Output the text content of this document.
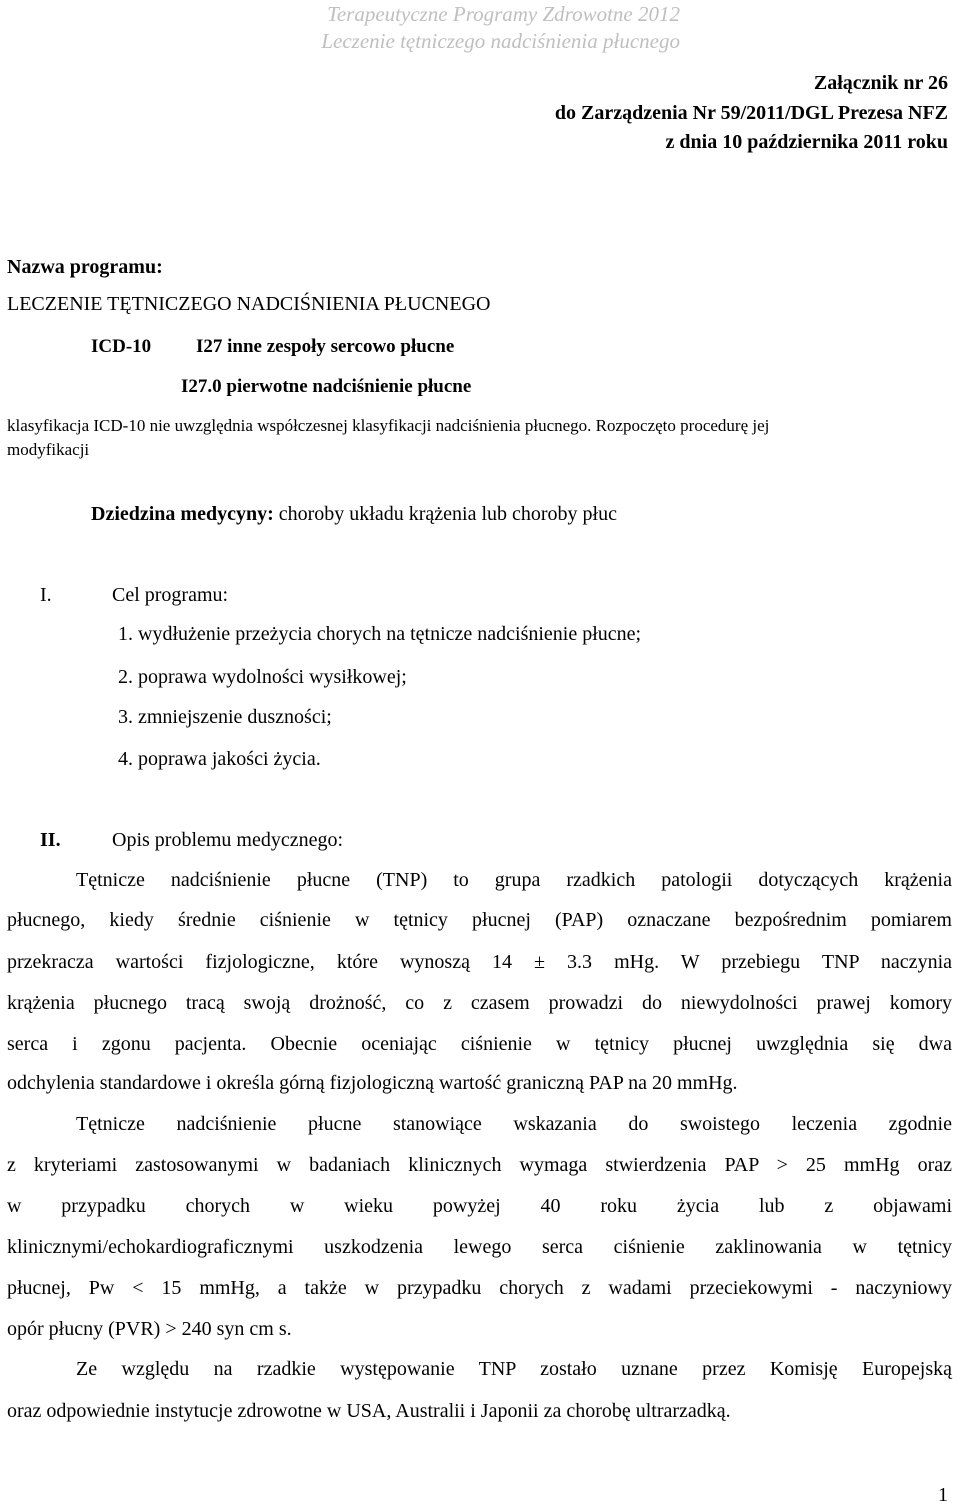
Terapeutyczne Programy Zdrowotne 2012
Leczenie tętniczego nadciśnienia płucnego
Załącznik nr 26
do Zarządzenia Nr 59/2011/DGL Prezesa NFZ
z dnia 10 października 2011 roku
Nazwa programu:
LECZENIE TĘTNICZEGO NADCIŚNIENIA PŁUCNEGO
ICD-10 I27 inne zespoły sercowo płucne
I27.0 pierwotne nadciśnienie płucne
klasyfikacja ICD-10 nie uwzględnia współczesnej klasyfikacji nadciśnienia płucnego. Rozpoczęto procedurę jej
modyfikacji
Dziedzina medycyny: choroby układu krążenia lub choroby płuc
I.	Cel programu:
1. wydłużenie przeżycia chorych na tętnicze nadciśnienie płucne;
2. poprawa wydolności wysiłkowej;
3. zmniejszenie duszności;
4. poprawa jakości życia.
II.	Opis problemu medycznego:
Tętnicze nadciśnienie płucne (TNP) to grupa rzadkich patologii dotyczących krążenia
płucnego, kiedy średnie ciśnienie w tętnicy płucnej (PAP) oznaczane bezpośrednim pomiarem
przekracza wartości fizjologiczne, które wynoszą 14 ± 3.3 mHg. W przebiegu TNP naczynia
krążenia płucnego tracą swoją drożność, co z czasem prowadzi do niewydolności prawej komory
serca i zgonu pacjenta. Obecnie oceniając ciśnienie w tętnicy płucnej uwzględnia się dwa
odchylenia standardowe i określa górną fizjologiczną wartość graniczną PAP na 20 mmHg.
Tętnicze nadciśnienie płucne stanowiące wskazania do swoistego leczenia zgodnie
z kryteriami zastosowanymi w badaniach klinicznych wymaga stwierdzenia PAP > 25 mmHg oraz
w przypadku chorych w wieku powyżej 40 roku życia lub z objawami
klinicznymi/echokardiograficznymi uszkodzenia lewego serca ciśnienie zaklinowania w tętnicy
płucnej, Pw < 15 mmHg, a także w przypadku chorych z wadami przeciekowymi - naczyniowy
opór płucny (PVR) > 240 syn cm s.
Ze względu na rzadkie występowanie TNP zostało uznane przez Komisję Europejską
oraz odpowiednie instytucje zdrowotne w USA, Australii i Japonii za chorobę ultrarzadką.
1
